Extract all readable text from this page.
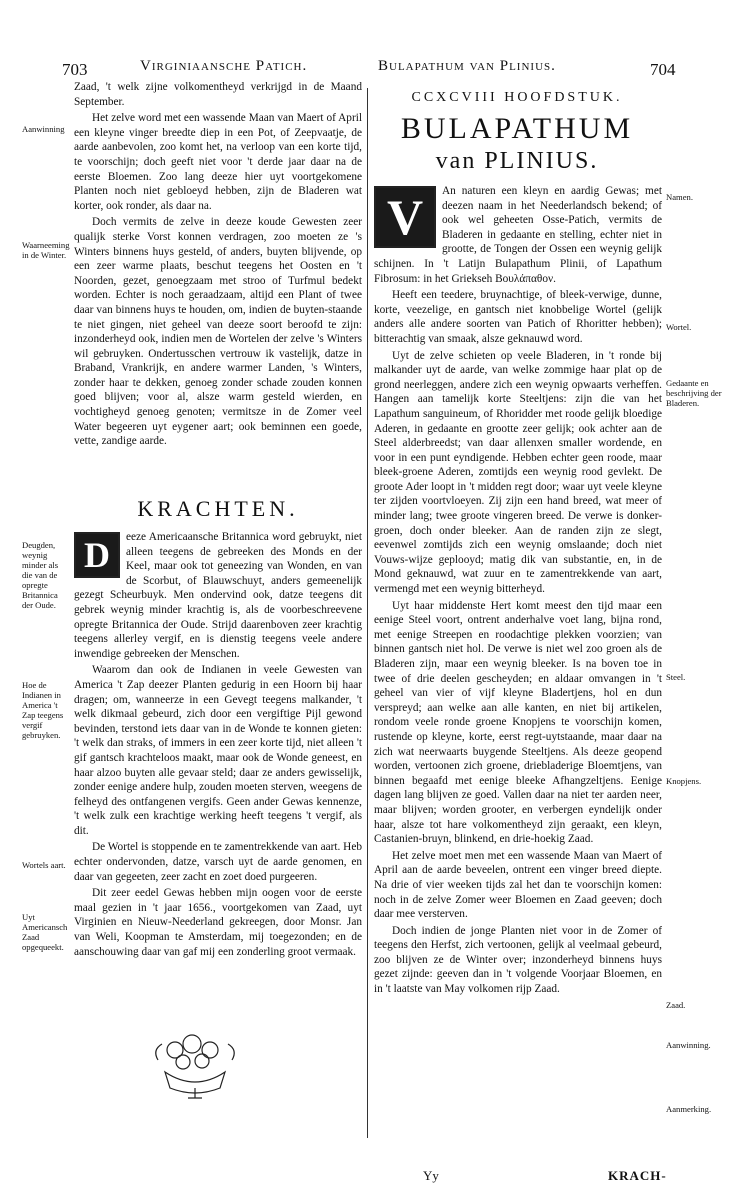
703	Virginiaansche Patich.	Bulapathum van Plinius.	704
Aanwinning
Waarneeming in de Winter.
Deugden, weynig minder als die van de opregte Britannica der Oude.
Hoe de Indianen in America 't Zap teegens vergif gebruyken.
Wortels aart.
Uyt Americansch Zaad opgequeekt.

Zaad, 't welk zijne volkomentheyd verkrijgd in de Maand September.

Het zelve word met een wassende Maan van Maert of April een kleyne vinger breedte diep in een Pot, of Zeepvaatje, de aarde aanbevolen, zoo komt het, na verloop van een korte tijd, te voorschijn; doch geeft niet voor 't derde jaar daar na de eerste Bloemen. Zoo lang deeze hier uyt voortgekomene Planten noch niet gebloeyd hebben, zijn de Bladeren wat korter, ook ronder, als daar na.

Doch vermits de zelve in deeze koude Gewesten zeer qualijk sterke Vorst konnen verdragen, zoo moeten ze 's Winters binnens huys gesteld, of anders, buyten blijvende, op een zeer warme plaats, beschut teegens het Oosten en 't Noorden, gezet, genoegzaam met stroo of Turfmul bedekt worden. Echter is noch geraadzaam, altijd een Plant of twee daar van binnens huys te houden, om, indien de buyten-staande te niet gingen, niet geheel van deeze soort beroofd te zijn: inzonderheyd ook, indien men de Wortelen der zelve 's Winters wil gebruyken. Ondertusschen vertrouw ik vastelijk, datze in Braband, Vrankrijk, en andere warmer Landen, 's Winters, zonder haar te dekken, genoeg zonder schade zouden konnen goed blijven; voor al, alsze warm gesteld wierden, en vochtigheyd genoeg genoten; vermitsze in de Zomer veel Water begeeren uyt eygener aart; ook beminnen een goede, vette, zandige aarde.

KRACHTEN.

D	eeze Americaansche Britannica word gebruykt, niet alleen teegens de gebreeken des Monds en der Keel, maar ook tot geneezing van Wonden, en van de Scorbut, of Blauwschuyt, anders gemeenelijk gezegt Scheurbuyk. Men ondervind ook, datze teegens dit gebrek weynig minder krachtig is, als de voorbeschreevene opregte Britannica der Oude. Strijd daarenboven zeer krachtig teegens allerley vergif, en is dienstig teegens veele andere inwendige gebreeken der Menschen.

Waarom dan ook de Indianen in veele Gewesten van America 't Zap deezer Planten gedurig in een Hoorn bij haar dragen; om, wanneerze in een Gevegt teegens malkander, 't welk dikmaal gebeurd, zich door een vergiftige Pijl gewond bevinden, terstond iets daar van in de Wonde te konnen gieten: 't welk dan straks, of immers in een zeer korte tijd, niet alleen 't gif gantsch krachteloos maakt, maar ook de Wonde geneest, en haar alzoo buyten alle gevaar steld; daar ze anders gewisselijk, zonder eenige andere hulp, zouden moeten sterven, weegens de felheyd des ontfangenen vergifs. Geen ander Gewas kennenze, 't welk zulk een krachtige werking heeft teegens 't vergif, als dit.

De Wortel is stoppende en te zamentrekkende van aart. Heb echter ondervonden, datze, varsch uyt de aarde genomen, en daar van gegeeten, zeer zacht en zoet doed purgeeren.

Dit zeer eedel Gewas hebben mijn oogen voor de eerste maal gezien in 't jaar 1656., voortgekomen van Zaad, uyt Virginien en Nieuw-Neederland gekreegen, door Monsr. Jan van Weli, Koopman te Amsterdam, mij toegezonden; en de aanschouwing daar van gaf mij een zonderling groot vermaak.

CCXCVIII HOOFDSTUK.
BULAPATHUM
van PLINIUS.
Namen.
Wortel.
Gedaante en beschrijving der Bladeren.
Steel.
Knopjens.
Zaad.
Aanwinning.
Aanmerking.

V	An naturen een kleyn en aardig Gewas; met deezen naam in het Neederlandsch bekend; of ook wel geheeten Osse-Patich, vermits de Bladeren in gedaante en stelling, echter niet in grootte, de Tongen der Ossen een weynig gelijk schijnen. In 't Latijn Bulapathum Plinii, of Lapathum Fibrosum: in het Griekseh Βουλάπαθον.

Heeft een teedere, bruynachtige, of bleek-verwige, dunne, korte, veezelige, en gantsch niet knobbelige Wortel (gelijk anders alle andere soorten van Patich of Rhoritter hebben); bitterachtig van smaak, alsze geknauwd word.

Uyt de zelve schieten op veele Bladeren, in 't ronde bij malkander uyt de aarde, van welke zommige haar plat op de grond neerleggen, andere zich een weynig opwaarts verheffen. Hangen aan tamelijk korte Steeltjens: zijn die van het Lapathum sanguineum, of Rhoridder met roode gelijk bloedige Aderen, in gedaante en grootte zeer gelijk; ook achter aan de Steel alderbreedst; van daar allenxen smaller wordende, en voor in een punt eyndigende. Hebben echter geen roode, maar bleek-groene Aderen, zomtijds een weynig rood gevlekt. De groote Ader loopt in 't midden regt door; waar uyt veele kleyne ter zijden voortvloeyen. Zij zijn een hand breed, wat meer of minder lang; twee groote vingeren breed. De verwe is donker-groen, doch onder bleeker. Aan de randen zijn ze slegt, eevenwel zomtijds zich een weynig omslaande; doch niet Vouws-wijze geplooyd; matig dik van substantie, en, in de Mond geknauwd, wat zuur en te zamentrekkende van aart, vermengd met een weynig bitterheyd.

Uyt haar middenste Hert komt meest den tijd maar een eenige Steel voort, ontrent anderhalve voet lang, bijna rond, met eenige Streepen en roodachtige plekken voorzien; van binnen gantsch niet hol. De verwe is niet wel zoo groen als de Bladeren zijn, maar een weynig bleeker. Is na boven toe in twee of drie deelen gescheyden; en aldaar omvangen in 't geheel van vier of vijf kleyne Bladertjens, hol en dun verspreyd; aan welke aan alle kanten, en niet bij artikelen, rondom veele ronde groene Knopjens te voorschijn komen, rustende op kleyne, korte, eerst regt-uytstaande, maar daar na zich wat neerwaarts buygende Steeltjens. Als deeze geopend worden, vertoonen zich groene, driebladerige Bloemtjens, van binnen begaafd met eenige bleeke Afhangzeltjens. Eenige dagen lang blijven ze goed. Vallen daar na niet ter aarden neer, maar blijven; worden grooter, en verbergen eyndelijk onder haar, alsze tot hare volkomentheyd zijn geraakt, een kleyn, Castanien-bruyn, blinkend, en drie-hoekig Zaad.

Het zelve moet men met een wassende Maan van Maert of April aan de aarde beveelen, ontrent een vinger breed diepte. Na drie of vier weeken tijds zal het dan te voorschijn komen: noch in de zelve Zomer weer Bloemen en Zaad geeven; doch daar mee versterven.

Doch indien de jonge Planten niet voor in de Zomer of teegens den Herfst, zich vertoonen, gelijk al veelmaal gebeurd, zoo blijven ze de Winter over; inzonderheyd binnens huys gezet zijnde: geeven dan in 't volgende Voorjaar Bloemen, en in 't laatste van May volkomen rijp Zaad.

Yy	KRACH-
